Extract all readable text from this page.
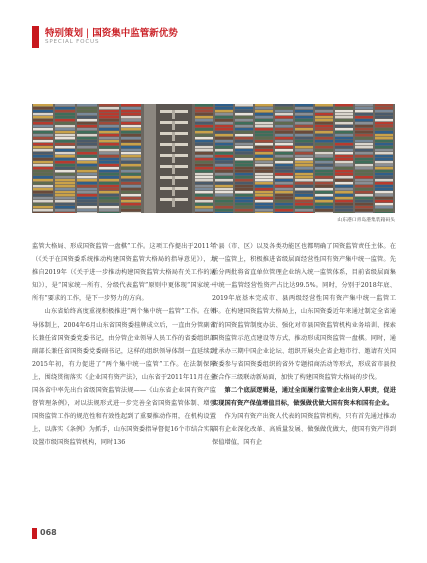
特别策划 | 国资集中监管新优势
SPECIAL FOCUS
山东港口青岛港集装箱码头

监管大格局、形成国资监管一盘棋”工作。这项工作提出于2011年（《关于在国资委系统推动构建国资监管大格局的指导意见》），力推自2019年（《关于进一步推动构建国资监管大格局有关工作的通知》），是“国家统一所有、分级代表监管”原则中更体现“国家统一所有”要求的工作，是下一步努力的方向。

山东省始终高度重视积极推进“两个集中统一监管”工作。在领导体制上，2004年6月山东省国资委挂牌成立后，一直由分管副省长兼任省国资委党委书记，由分管企业领导人员工作的省委组织部副部长兼任省国资委党委副书记，这样的组织领导体制一直延续到2015年初，有力促进了“两个集中统一监管”工作。在法制保障上，围绕贯彻落实《企业国有资产法》，山东省于2011年11月在全国各省中率先出台省级国资监管法规——《山东省企业国有资产监督管理条例》，对以法规形式进一步完善全省国资监管体制、增强国资监管工作的规范性和有效性起到了重要推动作用，在机构设置上，以落实《条例》为抓手，山东国资委指导督促16个市结合实际设置市级国资监管机构，同时136

个县（市、区）以及各类功能区也都明确了国资监管责任主体。在统一监管上，积极推进省级层面经营性国有资产集中统一监管。先后分两批将省直单位管理企业纳入统一监管体系，目前省级层面集中统一监管经营性资产占比达99.5%。同时，分别于2018年底、2019年底基本完成市、县两级经营性国有资产集中统一监管工作。在构建国资监管大格局上，山东国资委近年来通过制定全省通行的国资监管制度办法、强化对市县国资监管机构业务培训、探索国资监管示范点建设等方式，推动形成国资监管一盘棋。同时，通过承办三期中国企业论坛、组织开展央企省企地市行、邀请有关国资委参与省国资委组织的省外专题招商活动等形式，形成省市县投资合作三级联动新局面，加快了构建国资监管大格局的步伐。

第二个底层逻辑是，通过全面履行监管企业出资人职责，促进实现国有资产保值增值目标，做强做优做大国有资本和国有企业。

作为国有资产出资人代表的国资监管机构，只有首先通过推动国有企业深化改革、高质量发展、做强做优做大，使国有资产得到保值增值，国有企

068
